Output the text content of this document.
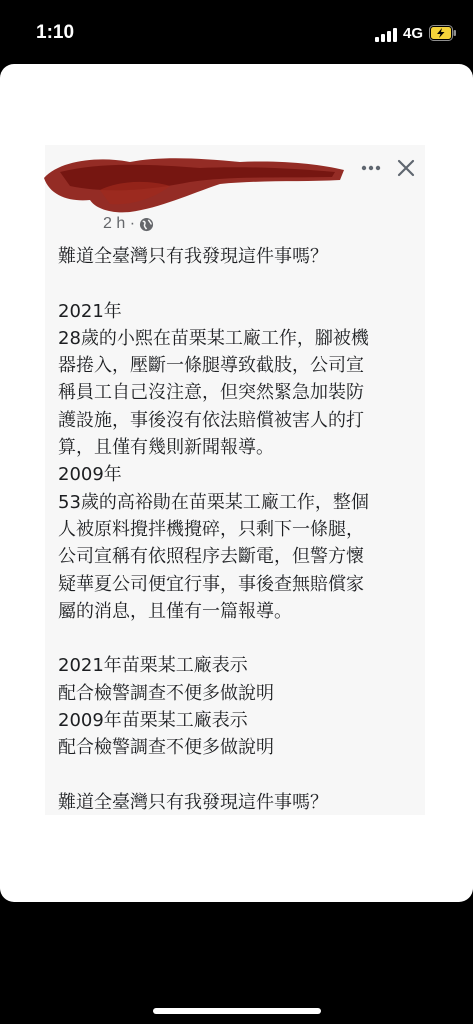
1:10	4G
2 h ·

難道全臺灣只有我發現這件事嗎？

2021年

28歲的小熙在苗栗某工廠工作，腳被機

器捲入，壓斷一條腿導致截肢，公司宣

稱員工自己沒注意，但突然緊急加裝防

護設施，事後沒有依法賠償被害人的打

算，且僅有幾則新聞報導。

2009年

53歲的高裕勛在苗栗某工廠工作，整個

人被原料攪拌機攪碎，只剩下一條腿，

公司宣稱有依照程序去斷電，但警方懷

疑華夏公司便宜行事，事後查無賠償家

屬的消息，且僅有一篇報導。

2021年苗栗某工廠表示

配合檢警調查不便多做說明

2009年苗栗某工廠表示

配合檢警調查不便多做說明

難道全臺灣只有我發現這件事嗎？
